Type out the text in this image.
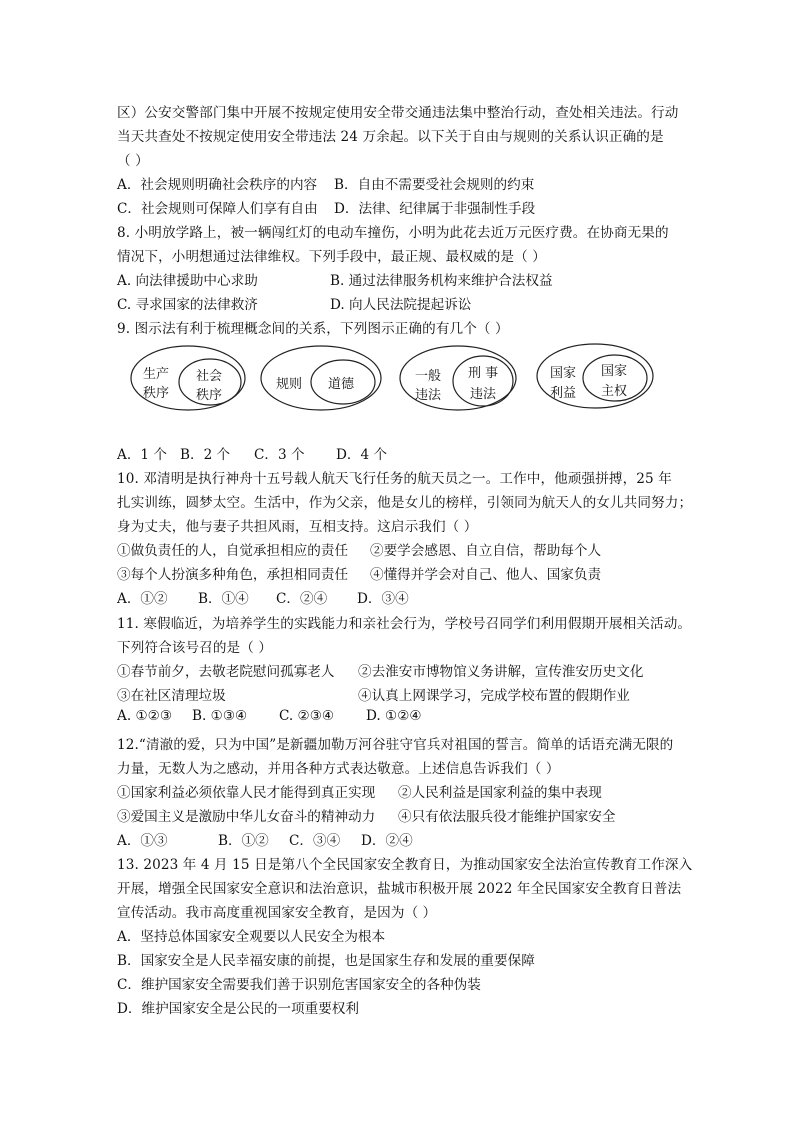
区）公安交警部门集中开展不按规定使用安全带交通违法集中整治行动，查处相关违法。行动
当天共查处不按规定使用安全带违法 24 万余起。以下关于自由与规则的关系认识正确的是
（ ）
A．社会规则明确社会秩序的内容 B．自由不需要受社会规则的约束
C．社会规则可保障人们享有自由 D．法律、纪律属于非强制性手段
8. 小明放学路上，被一辆闯红灯的电动车撞伤，小明为此花去近万元医疗费。在协商无果的
情况下，小明想通过法律维权。下列手段中，最正规、最权威的是（ ）
A. 向法律援助中心求助	B. 通过法律服务机构来维护合法权益
C. 寻求国家的法律救济	D. 向人民法院提起诉讼
9. 图示法有利于梳理概念间的关系，下列图示正确的有几个（ ）
生产
秩序
社会
秩序
规则 道德
一般
违法
刑 事
违法
国家
利益
国家
主权
A．1 个 B．2 个 C．3 个 D．4 个
10. 邓清明是执行神舟十五号载人航天飞行任务的航天员之一。工作中，他顽强拼搏，25 年
扎实训练，圆梦太空。生活中，作为父亲，他是女儿的榜样，引领同为航天人的女儿共同努力；
身为丈夫，他与妻子共担风雨，互相支持。这启示我们（ ）
①做负责任的人，自觉承担相应的责任 ②要学会感恩、自立自信，帮助每个人
③每个人扮演多种角色，承担相同责任 ④懂得并学会对自己、他人、国家负责
A．①② B．①④ C．②④ D．③④
11. 寒假临近，为培养学生的实践能力和亲社会行为，学校号召同学们利用假期开展相关活动。
下列符合该号召的是（ ）
①春节前夕，去敬老院慰问孤寡老人 ②去淮安市博物馆义务讲解，宣传淮安历史文化
③在社区清理垃圾	④认真上网课学习，完成学校布置的假期作业
A. ①②③ B. ①③④ C. ②③④ D. ①②④
12.“清澈的爱，只为中国”是新疆加勒万河谷驻守官兵对祖国的誓言。简单的话语充满无限的
力量，无数人为之感动，并用各种方式表达敬意。上述信息告诉我们（ ）
①国家利益必须依靠人民才能得到真正实现 ②人民利益是国家利益的集中表现
③爱国主义是激励中华儿女奋斗的精神动力 ④只有依法服兵役才能维护国家安全
A．①③	B．①② C．③④ D．②④
13. 2023 年 4 月 15 日是第八个全民国家安全教育日，为推动国家安全法治宣传教育工作深入
开展，增强全民国家安全意识和法治意识，盐城市积极开展 2022 年全民国家安全教育日普法
宣传活动。我市高度重视国家安全教育，是因为（ ）
A．坚持总体国家安全观要以人民安全为根本
B．国家安全是人民幸福安康的前提，也是国家生存和发展的重要保障
C．维护国家安全需要我们善于识别危害国家安全的各种伪装
D．维护国家安全是公民的一项重要权利
